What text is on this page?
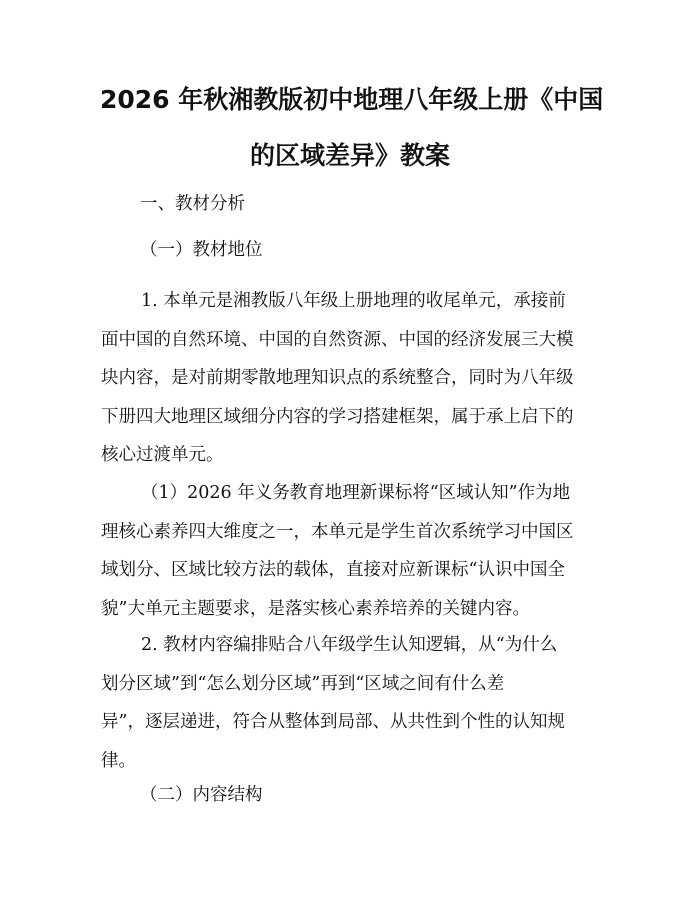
2026 年秋湘教版初中地理八年级上册《中国
的区域差异》教案

一、教材分析

（一）教材地位

1. 本单元是湘教版八年级上册地理的收尾单元，承接前
面中国的自然环境、中国的自然资源、中国的经济发展三大模
块内容，是对前期零散地理知识点的系统整合，同时为八年级
下册四大地理区域细分内容的学习搭建框架，属于承上启下的
核心过渡单元。
（1）2026 年义务教育地理新课标将“区域认知”作为地
理核心素养四大维度之一，本单元是学生首次系统学习中国区
域划分、区域比较方法的载体，直接对应新课标“认识中国全
貌”大单元主题要求，是落实核心素养培养的关键内容。
2. 教材内容编排贴合八年级学生认知逻辑，从“为什么
划分区域”到“怎么划分区域”再到“区域之间有什么差
异”，逐层递进，符合从整体到局部、从共性到个性的认知规
律。

（二）内容结构
